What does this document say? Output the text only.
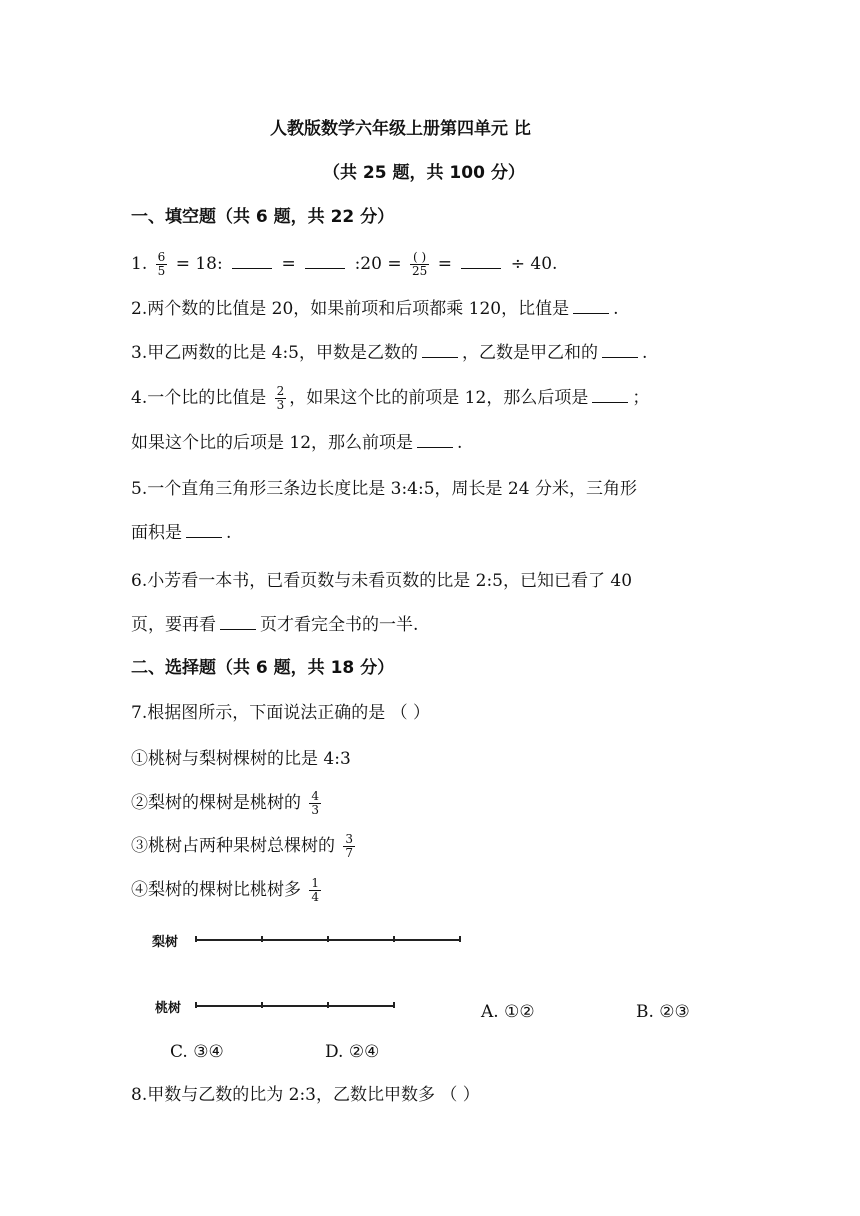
人教版数学六年级上册第四单元 比
（共 25 题，共 100 分）
一、填空题（共 6 题，共 22 分）
1. $\frac{6}{5} = 18$:	=	:20 = $\frac{( )}{25}$ =	÷ 40.
2.两个数的比值是 20，如果前项和后项都乘 120，比值是	.
3.甲乙两数的比是 4:5，甲数是乙数的	，乙数是甲乙和的	.
4.一个比的比值是 $\frac{2}{3}$ ，如果这个比的前项是 12，那么后项是	；
如果这个比的后项是 12，那么前项是	.
5.一个直角三角形三条边长度比是 3:4:5，周长是 24 分米，三角形
面积是	.
6.小芳看一本书，已看页数与未看页数的比是 2:5，已知已看了 40
页，要再看	页才看完全书的一半.
二、选择题（共 6 题，共 18 分）
7.根据图所示，下面说法正确的是 （ ）
①桃树与梨树棵树的比是 4:3
②梨树的棵树是桃树的 $\frac{4}{3}$
③桃树占两种果树总棵树的 $\frac{3}{7}$
④梨树的棵树比桃树多 $\frac{1}{4}$
梨树
桃树	A. ①②	B. ②③
C. ③④	D. ②④
8.甲数与乙数的比为 2:3，乙数比甲数多 （ ）
